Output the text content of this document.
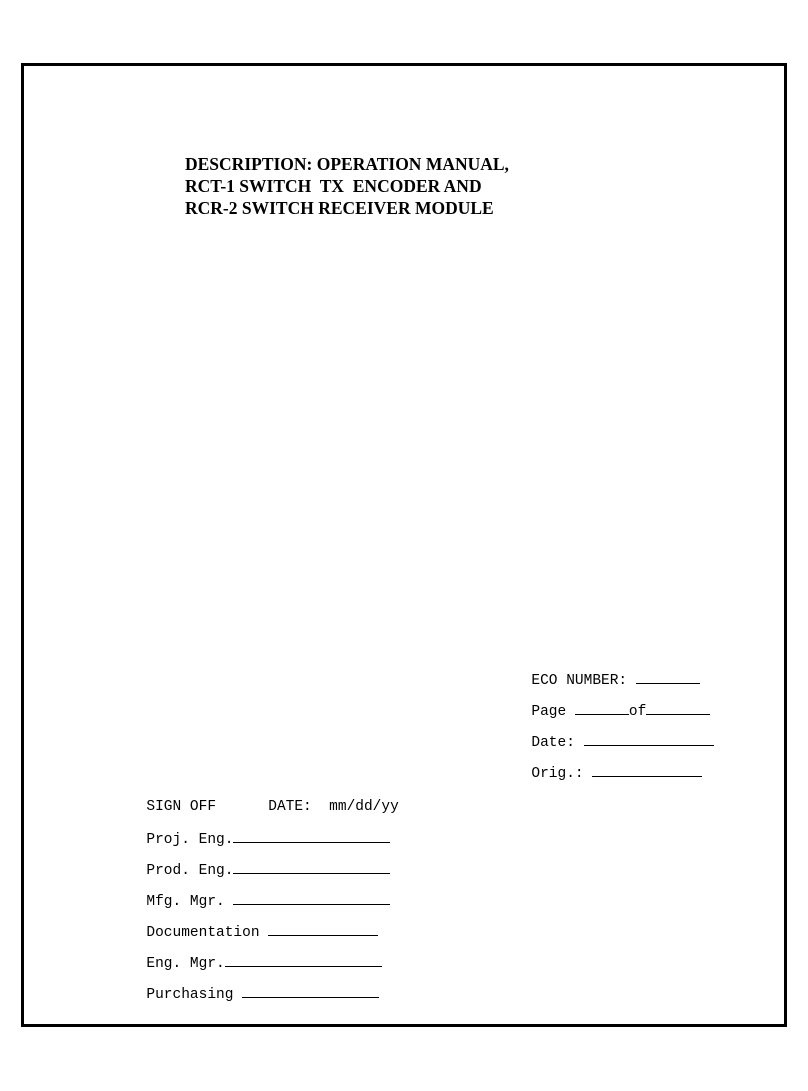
DESCRIPTION: OPERATION MANUAL,
RCT-1 SWITCH  TX  ENCODER AND
RCR-2 SWITCH RECEIVER MODULE

ECO NUMBER:

Page	of

Date:

Orig.:

SIGN OFF	DATE: mm/dd/yy

Proj. Eng.

Prod. Eng.

Mfg. Mgr.

Documentation

Eng. Mgr.

Purchasing
